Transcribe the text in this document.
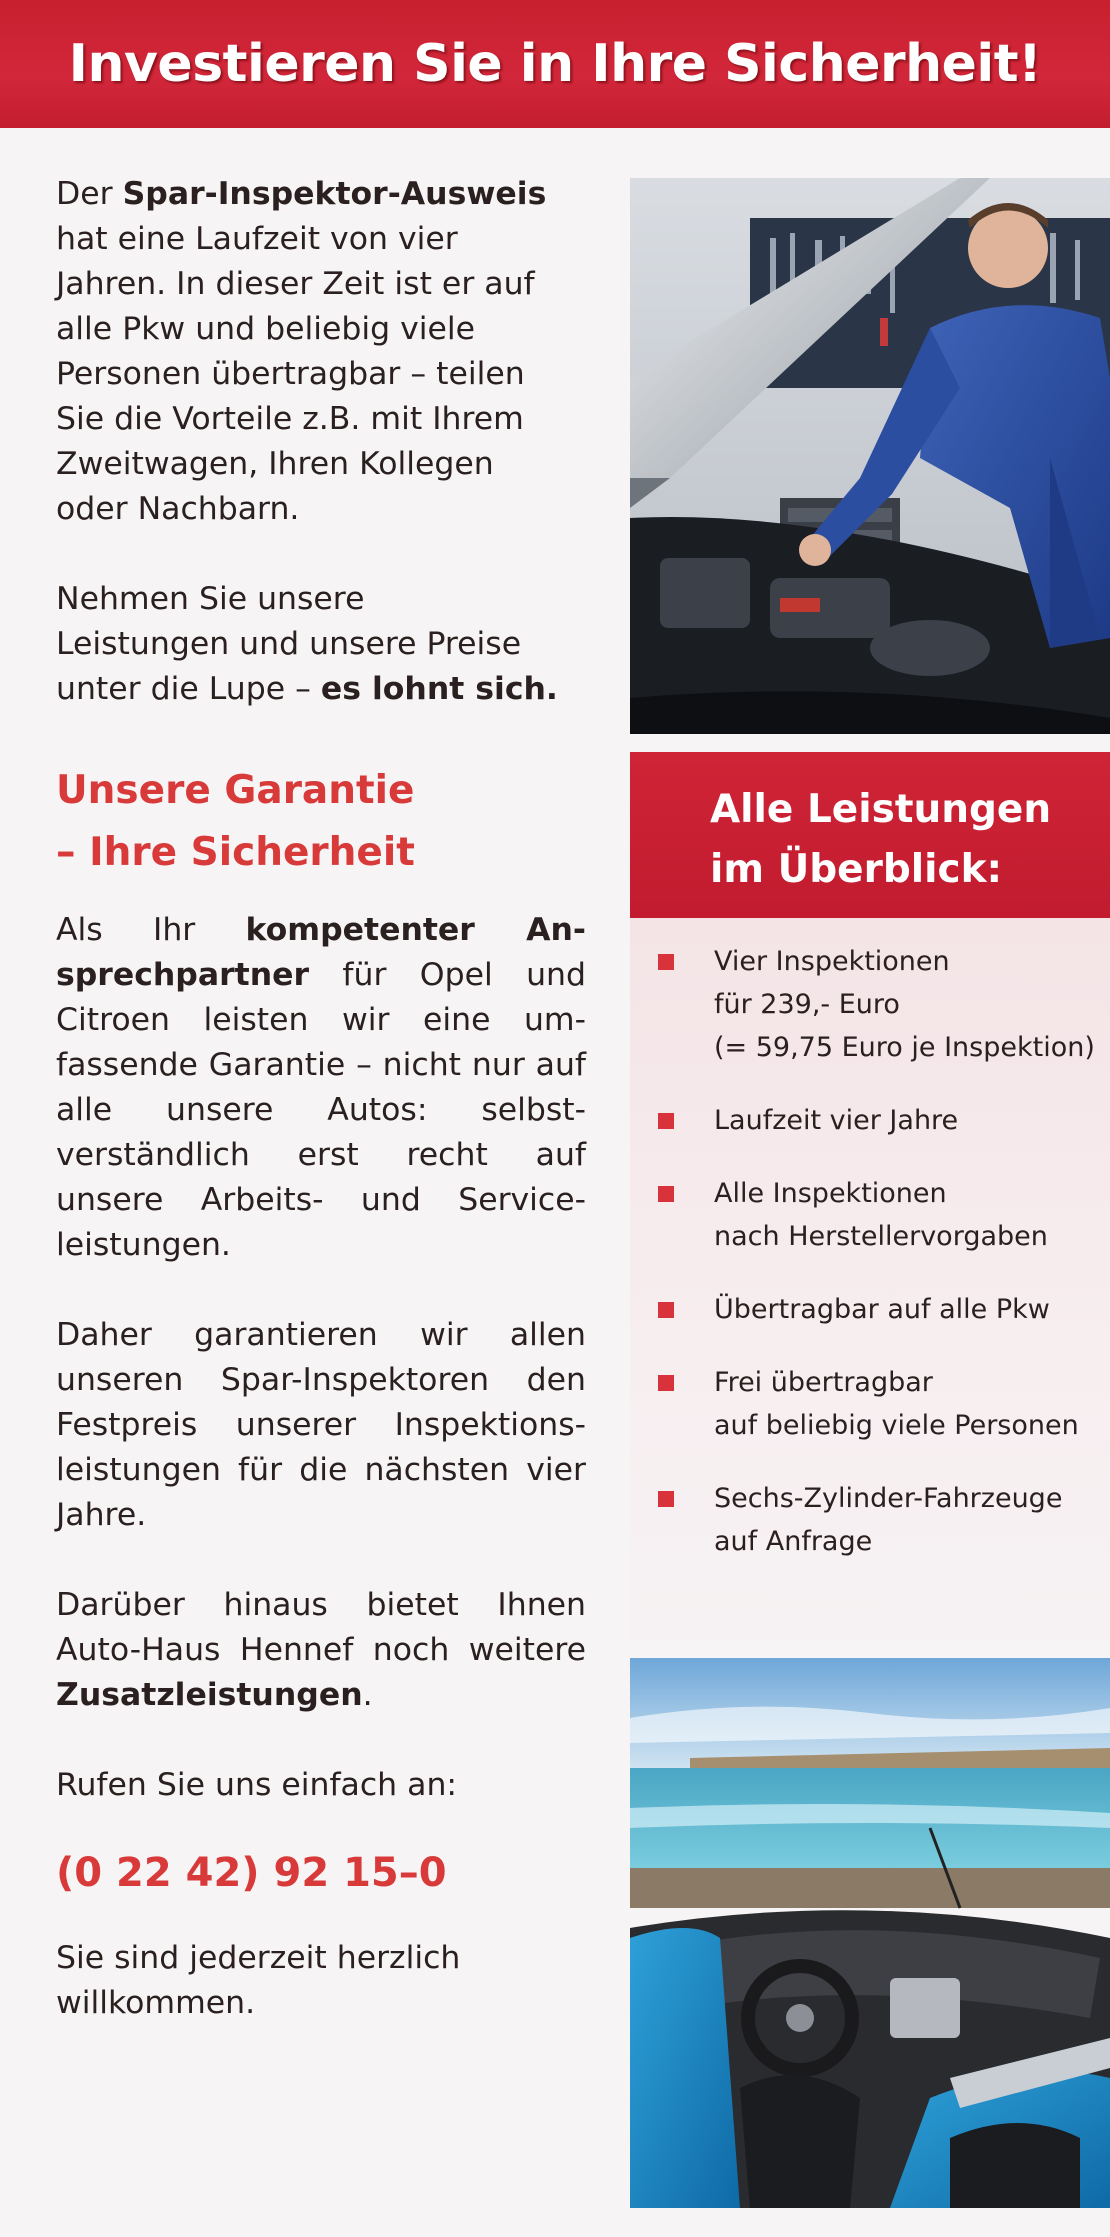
Investieren Sie in Ihre Sicherheit!

Der Spar-Inspektor-Ausweis
hat eine Laufzeit von vier
Jahren. In dieser Zeit ist er auf
alle Pkw und beliebig viele
Personen übertragbar – teilen
Sie die Vorteile z.B. mit Ihrem
Zweitwagen, Ihren Kollegen
oder Nachbarn.

Nehmen Sie unsere
Leistungen und unsere Preise
unter die Lupe – es lohnt sich.

Unsere Garantie
– Ihre Sicherheit

Als Ihr kompetenter Ansprechpartner für Opel und Citroen leisten wir eine umfassende Garantie – nicht nur auf alle unsere Autos: selbstverständlich erst recht auf unsere Arbeits- und Serviceleistungen.

Daher garantieren wir allen unseren Spar-Inspektoren den Festpreis unserer Inspektionsleistungen für die nächsten vier Jahre.

Darüber hinaus bietet Ihnen Auto-Haus Hennef noch weitere Zusatzleistungen.

Rufen Sie uns einfach an:

(0 22 42) 92 15–0

Sie sind jederzeit herzlich
willkommen.

Alle Leistungen
im Überblick:
Vier Inspektionen
für 239,- Euro
(= 59,75 Euro je Inspektion)
Laufzeit vier Jahre
Alle Inspektionen
nach Herstellervorgaben
Übertragbar auf alle Pkw
Frei übertragbar
auf beliebig viele Personen
Sechs-Zylinder-Fahrzeuge
auf Anfrage
